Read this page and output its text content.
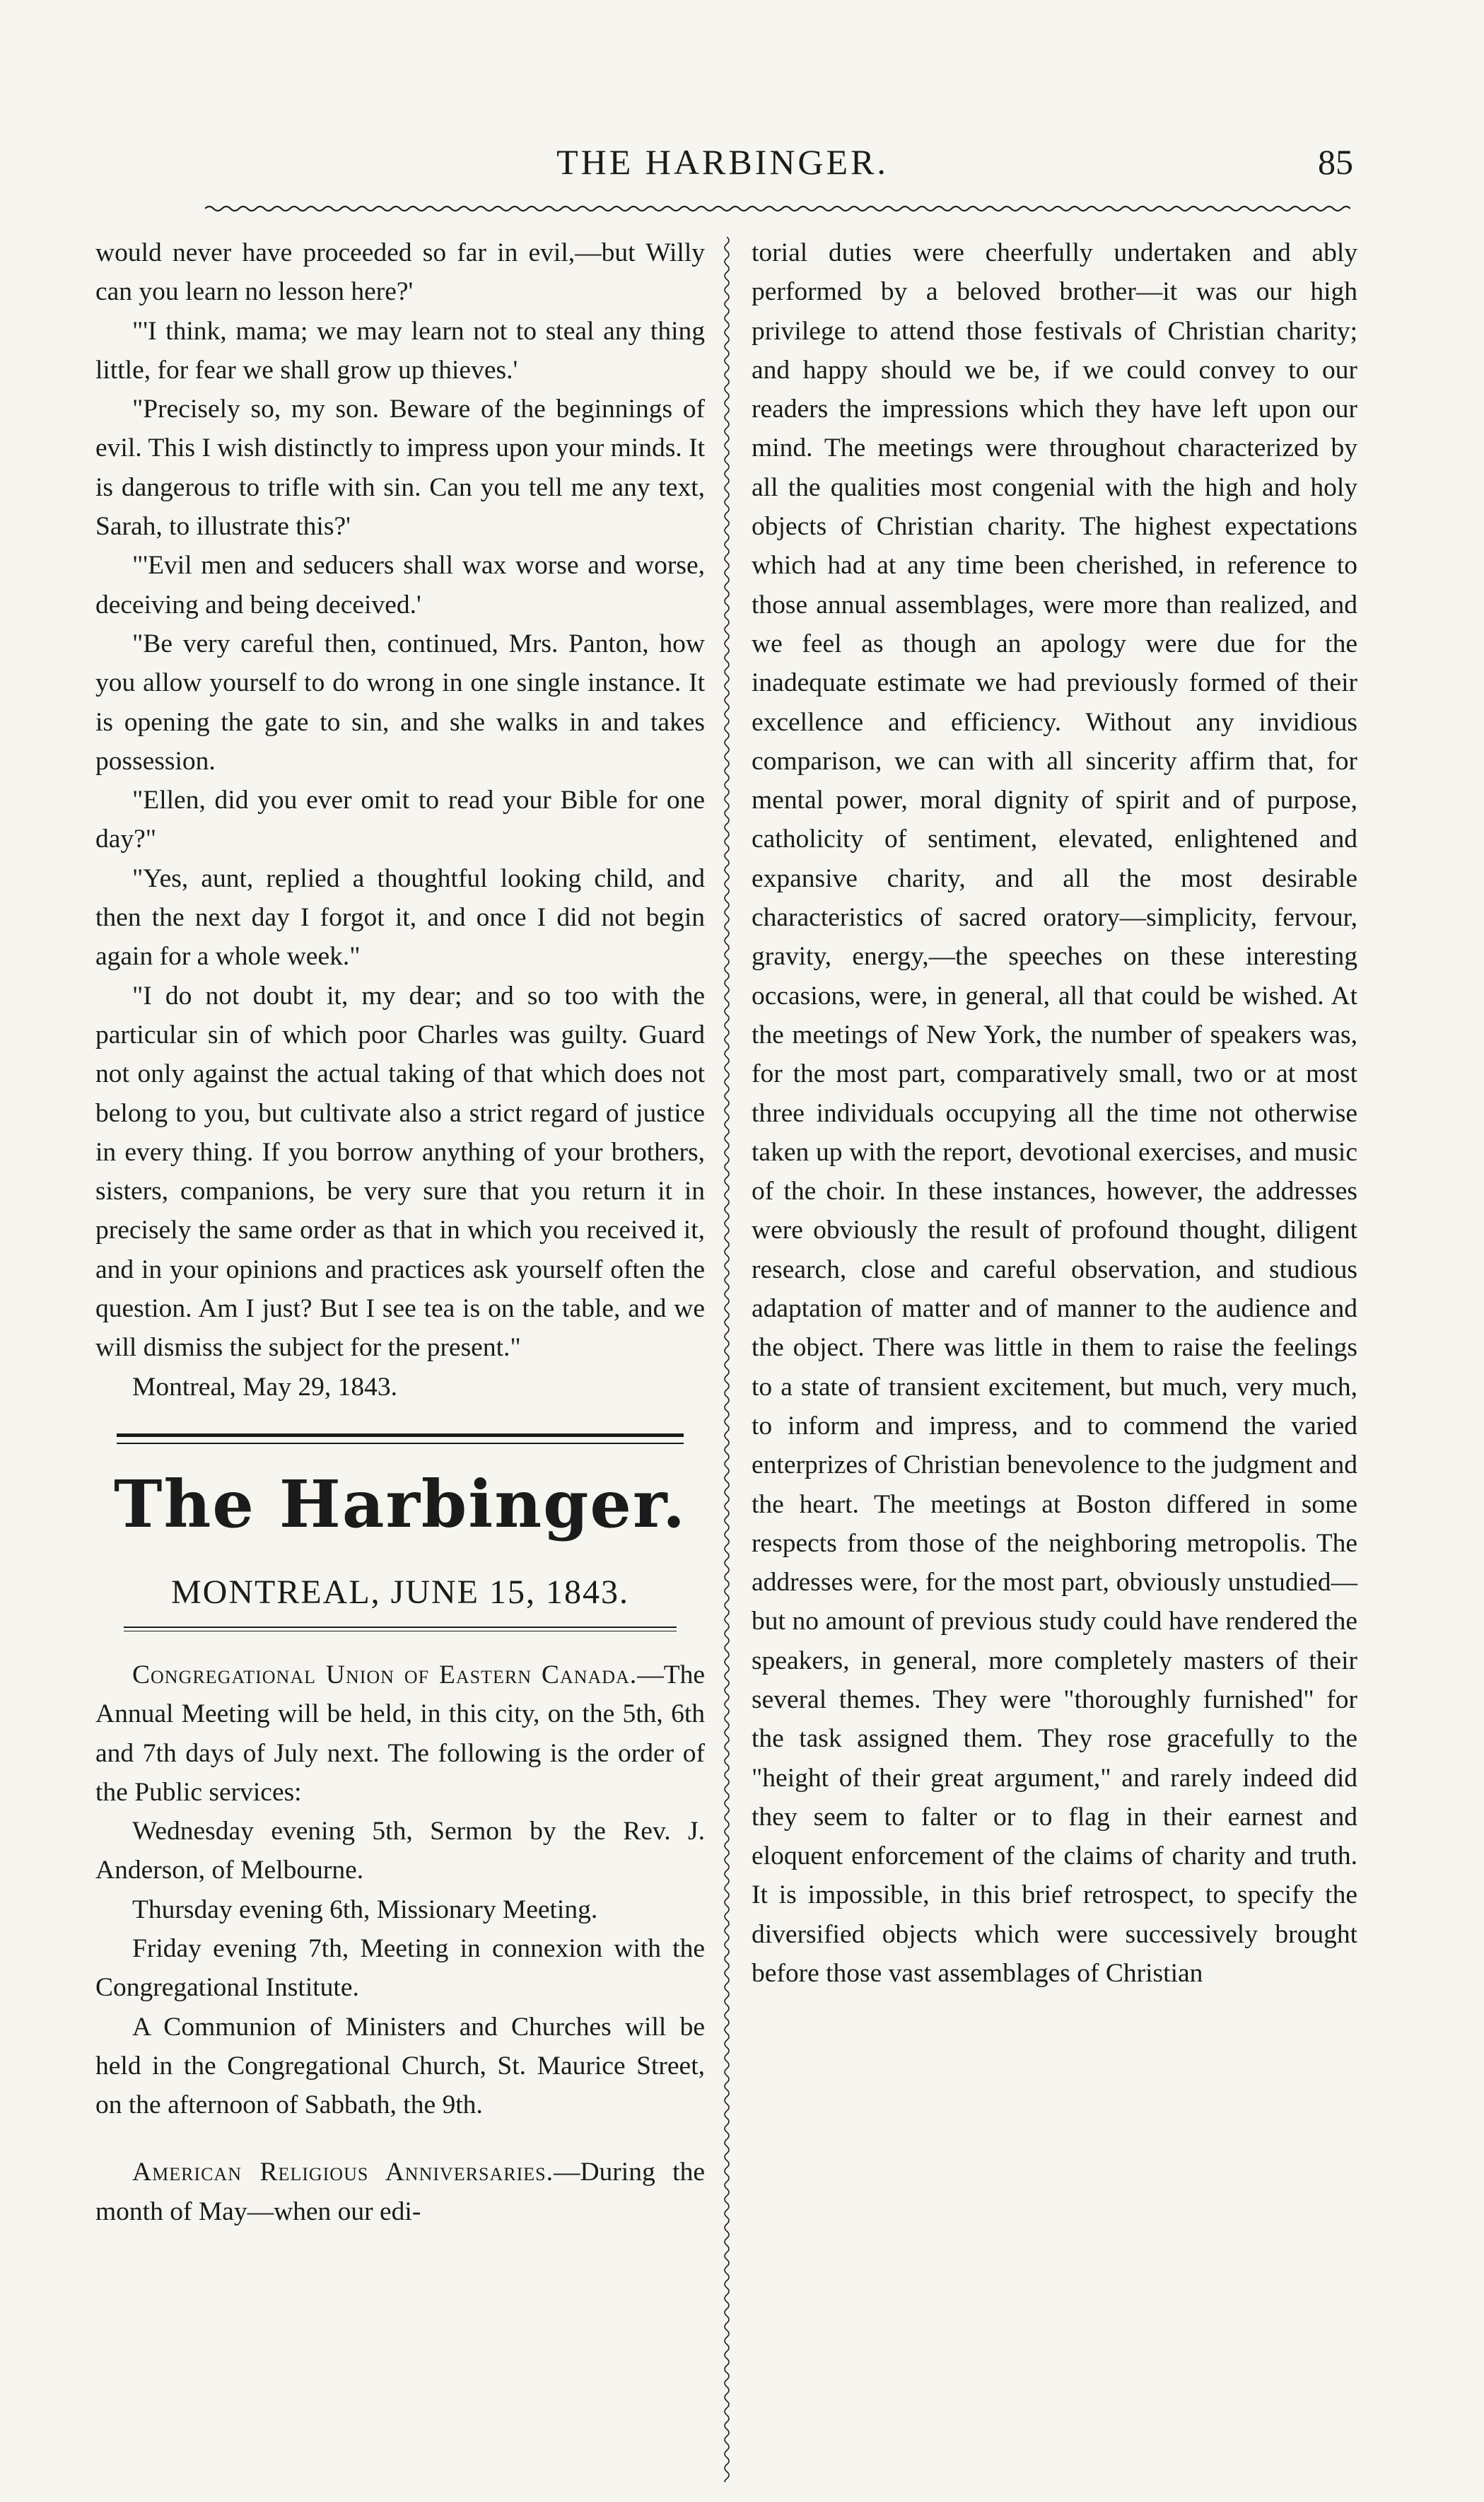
THE HARBINGER.	85

would never have proceeded so far in evil,—but Willy can you learn no lesson here?'

"'I think, mama; we may learn not to steal any thing little, for fear we shall grow up thieves.'

"Precisely so, my son. Beware of the beginnings of evil. This I wish distinctly to impress upon your minds. It is dangerous to trifle with sin. Can you tell me any text, Sarah, to illustrate this?'

"'Evil men and seducers shall wax worse and worse, deceiving and being deceived.'

"Be very careful then, continued, Mrs. Panton, how you allow yourself to do wrong in one single instance. It is opening the gate to sin, and she walks in and takes possession.

"Ellen, did you ever omit to read your Bible for one day?"

"Yes, aunt, replied a thoughtful looking child, and then the next day I forgot it, and once I did not begin again for a whole week."

"I do not doubt it, my dear; and so too with the particular sin of which poor Charles was guilty. Guard not only against the actual taking of that which does not belong to you, but cultivate also a strict regard of justice in every thing. If you borrow anything of your brothers, sisters, companions, be very sure that you return it in precisely the same order as that in which you received it, and in your opinions and practices ask yourself often the question. Am I just? But I see tea is on the table, and we will dismiss the subject for the present."

Montreal, May 29, 1843.

The Harbinger.
MONTREAL, JUNE 15, 1843.

Congregational Union of Eastern Canada.—The Annual Meeting will be held, in this city, on the 5th, 6th and 7th days of July next. The following is the order of the Public services:

Wednesday evening 5th, Sermon by the Rev. J. Anderson, of Melbourne.

Thursday evening 6th, Missionary Meeting.

Friday evening 7th, Meeting in connexion with the Congregational Institute.

A Communion of Ministers and Churches will be held in the Congregational Church, St. Maurice Street, on the afternoon of Sabbath, the 9th.

American Religious Anniversaries.—During the month of May—when our edi-

torial duties were cheerfully undertaken and ably performed by a beloved brother—it was our high privilege to attend those festivals of Christian charity; and happy should we be, if we could convey to our readers the impressions which they have left upon our mind. The meetings were throughout characterized by all the qualities most congenial with the high and holy objects of Christian charity. The highest expectations which had at any time been cherished, in reference to those annual assemblages, were more than realized, and we feel as though an apology were due for the inadequate estimate we had previously formed of their excellence and efficiency. Without any invidious comparison, we can with all sincerity affirm that, for mental power, moral dignity of spirit and of purpose, catholicity of sentiment, elevated, enlightened and expansive charity, and all the most desirable characteristics of sacred oratory—simplicity, fervour, gravity, energy,—the speeches on these interesting occasions, were, in general, all that could be wished. At the meetings of New York, the number of speakers was, for the most part, comparatively small, two or at most three individuals occupying all the time not otherwise taken up with the report, devotional exercises, and music of the choir. In these instances, however, the addresses were obviously the result of profound thought, diligent research, close and careful observation, and studious adaptation of matter and of manner to the audience and the object. There was little in them to raise the feelings to a state of transient excitement, but much, very much, to inform and impress, and to commend the varied enterprizes of Christian benevolence to the judgment and the heart. The meetings at Boston differed in some respects from those of the neighboring metropolis. The addresses were, for the most part, obviously unstudied—but no amount of previous study could have rendered the speakers, in general, more completely masters of their several themes. They were "thoroughly furnished" for the task assigned them. They rose gracefully to the "height of their great argument," and rarely indeed did they seem to falter or to flag in their earnest and eloquent enforcement of the claims of charity and truth. It is impossible, in this brief retrospect, to specify the diversified objects which were successively brought before those vast assemblages of Christian
